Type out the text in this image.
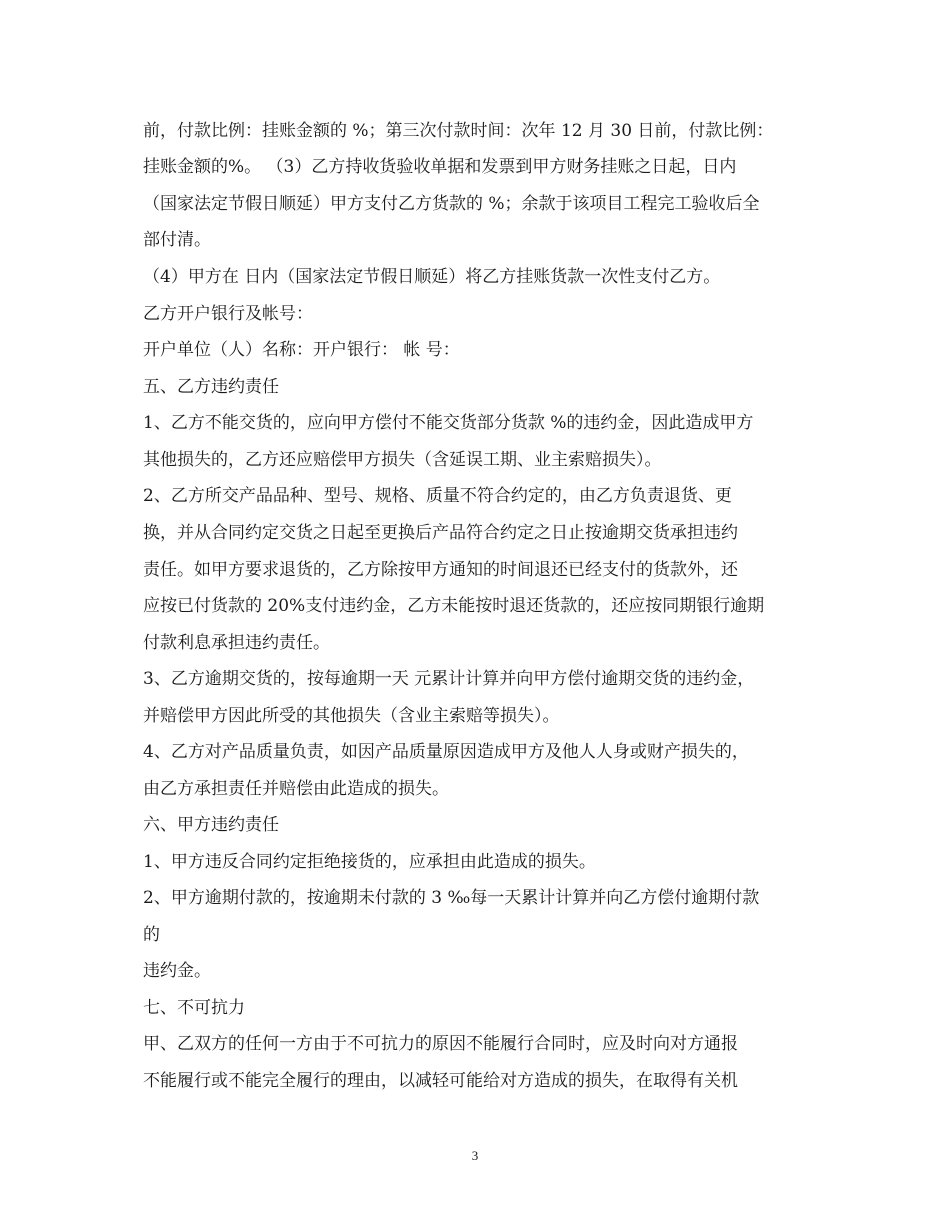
前，付款比例：挂账金额的 %；第三次付款时间：次年 12 月 30 日前，付款比例：
挂账金额的%。 （3）乙方持收货验收单据和发票到甲方财务挂账之日起，日内
（国家法定节假日顺延）甲方支付乙方货款的 %；余款于该项目工程完工验收后全
部付清。
（4）甲方在 日内（国家法定节假日顺延）将乙方挂账货款一次性支付乙方。
乙方开户银行及帐号：
开户单位（人）名称：开户银行： 帐 号：
五、乙方违约责任
1、乙方不能交货的，应向甲方偿付不能交货部分货款 %的违约金，因此造成甲方
其他损失的，乙方还应赔偿甲方损失（含延误工期、业主索赔损失）。
2、乙方所交产品品种、型号、规格、质量不符合约定的，由乙方负责退货、更
换，并从合同约定交货之日起至更换后产品符合约定之日止按逾期交货承担违约
责任。如甲方要求退货的，乙方除按甲方通知的时间退还已经支付的货款外，还
应按已付货款的 20%支付违约金，乙方未能按时退还货款的，还应按同期银行逾期
付款利息承担违约责任。
3、乙方逾期交货的，按每逾期一天 元累计计算并向甲方偿付逾期交货的违约金，
并赔偿甲方因此所受的其他损失（含业主索赔等损失）。
4、乙方对产品质量负责，如因产品质量原因造成甲方及他人人身或财产损失的，
由乙方承担责任并赔偿由此造成的损失。
六、甲方违约责任
1、甲方违反合同约定拒绝接货的，应承担由此造成的损失。
2、甲方逾期付款的，按逾期未付款的 3 ‰每一天累计计算并向乙方偿付逾期付款
的
违约金。
七、不可抗力
甲、乙双方的任何一方由于不可抗力的原因不能履行合同时，应及时向对方通报
不能履行或不能完全履行的理由，以减轻可能给对方造成的损失，在取得有关机
3
